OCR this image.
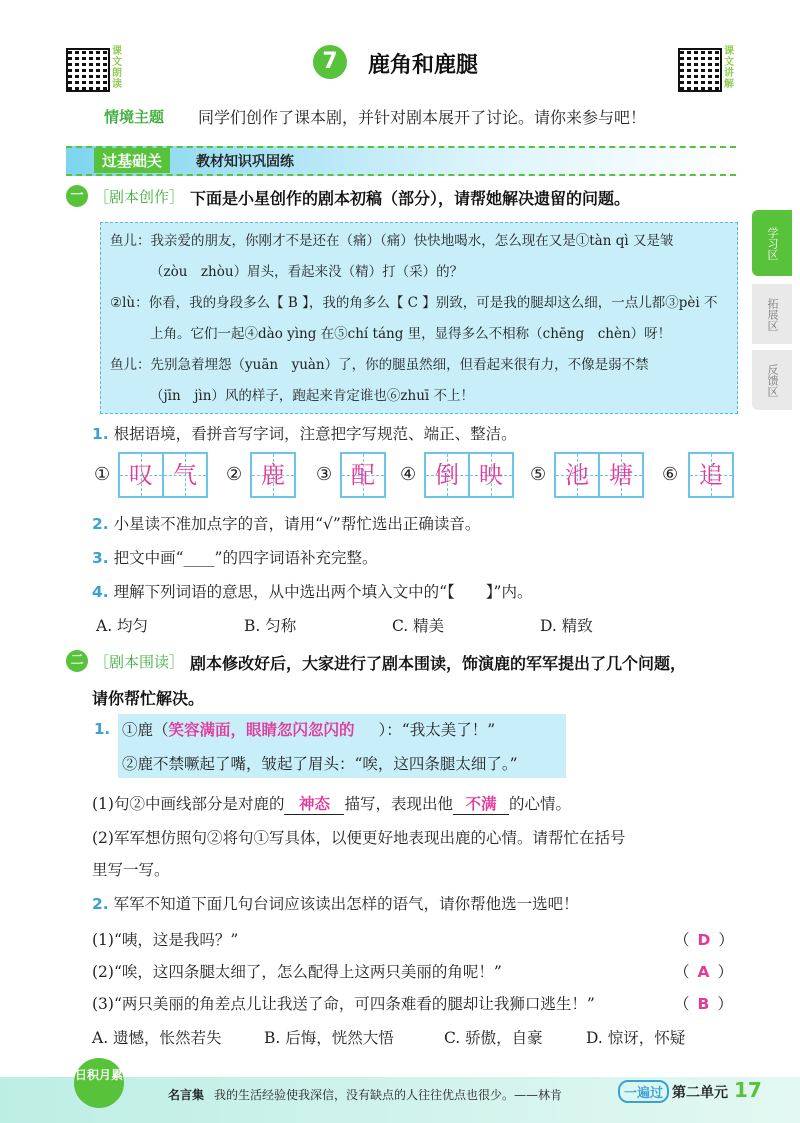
课文朗读
7	鹿角和鹿腿
课文讲解
情境主题 同学们创作了课本剧，并针对剧本展开了讨论。请你来参与吧！
过基础关	教材知识巩固练
学习区
拓展区
反馈区
一 ［剧本创作］ 下面是小星创作的剧本初稿（部分），请帮她解决遗留的问题。
鱼儿：我亲爱的朋友，你刚才不是还在（痛）（痛）快快地喝水，怎么现在又是①tàn qì 又是皱
（zòu　zhòu）眉头，看起来没（精）打（采）的？
②lù：你看，我的身段多么【 B 】，我的角多么【 C 】别致，可是我的腿却这么细，一点儿都③pèi 不
上角。它们一起④dào yìng 在⑤chí táng 里，显得多么不相称（chēng　chèn）呀！
鱼儿：先别急着埋怨（yuān　yuàn）了，你的腿虽然细，但看起来很有力，不像是弱不禁
（jīn　jìn）风的样子，跑起来肯定谁也⑥zhuī 不上！
1. 根据语境，看拼音写字词，注意把字写规范、端正、整洁。
① 叹 气	② 鹿	③ 配	④ 倒 映	⑤ 池 塘	⑥ 追
2. 小星读不准加点字的音，请用“√”帮忙选出正确读音。
3. 把文中画“____”的四字词语补充完整。
4. 理解下列词语的意思，从中选出两个填入文中的“【　　】”内。
A. 均匀	B. 匀称	C. 精美	D. 精致
二 ［剧本围读］ 剧本修改好后，大家进行了剧本围读，饰演鹿的军军提出了几个问题，
请你帮忙解决。
1. ①鹿（笑容满面，眼睛忽闪忽闪的 ）：“我太美了！”
②鹿不禁噘起了嘴，皱起了眉头：“唉，这四条腿太细了。”
(1)句②中画线部分是对鹿的 神态 描写，表现出他 不满 的心情。
(2)军军想仿照句②将句①写具体，以便更好地表现出鹿的心情。请帮忙在括号
里写一写。
2. 军军不知道下面几句台词应该读出怎样的语气，请你帮他选一选吧！
(1)“咦，这是我吗？”	（ D ）
(2)“唉，这四条腿太细了，怎么配得上这两只美丽的角呢！”	（ A ）
(3)“两只美丽的角差点儿让我送了命，可四条难看的腿却让我狮口逃生！”	（ B ）
A. 遗憾，怅然若失	B. 后悔，恍然大悟	C. 骄傲，自豪	D. 惊讶，怀疑
日积月累
名言集 我的生活经验使我深信，没有缺点的人往往优点也很少。——林肯	一遍过 第二单元 17
